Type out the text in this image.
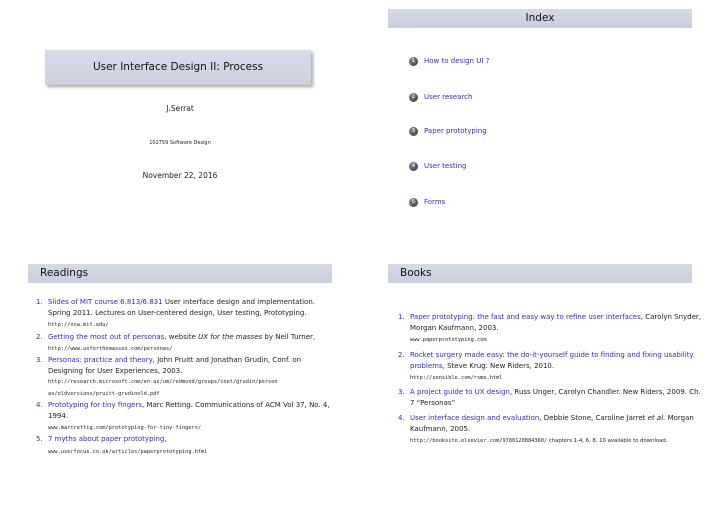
User Interface Design II: Process
J.Serrat
102759 Software Design
November 22, 2016
Index
1 How to design UI ?
2 User research
3 Paper prototyping
4 User testing
5 Forms
Readings
1. Slides of MIT course 6.813/6.831 User interface design and implementation. Spring 2011. Lectures on User-centered design, User testing, Prototyping.
http://ocw.mit.edu/
2. Getting the most out of personas, website UX for the masses by Neil Turner, http://www.uxforthemasses.com/personas/
3. Personas: practice and theory, John Pruitt and Jonathan Grudin, Conf. on Designing for User Experiences, 2003.
http://research.microsoft.com/en-us/um/redmond/groups/coet/grudin/personas/oldversions/pruitt-grudinold.pdf
4. Prototyping for tiny fingers, Marc Retting. Communications of ACM Vol 37, No. 4, 1994.
www.marcrettig.com/prototyping-for-tiny-fingers/
5. 7 myths about paper prototyping,
www.userfocus.co.uk/articles/paperprototyping.html
Books
1. Paper prototyping: the fast and easy way to refine user interfaces, Carolyn Snyder, Morgan Kaufmann, 2003.
www.paperprototyping.com
2. Rocket surgery made easy: the do-it-yourself guide to finding and fixing usability problems, Steve Krug. New Riders, 2010.
http://sensible.com/rsme.html
3. A project guide to UX design, Russ Unger, Carolyn Chandler. New Riders, 2009. Ch. 7 “Personas”
4. User interface design and evaluation, Debbie Stone, Caroline Jarret et al. Morgan Kaufmann, 2005.
http://booksite.elsevier.com/9780120884360/ chapters 1-4, 6, 8, 10 available to download.
